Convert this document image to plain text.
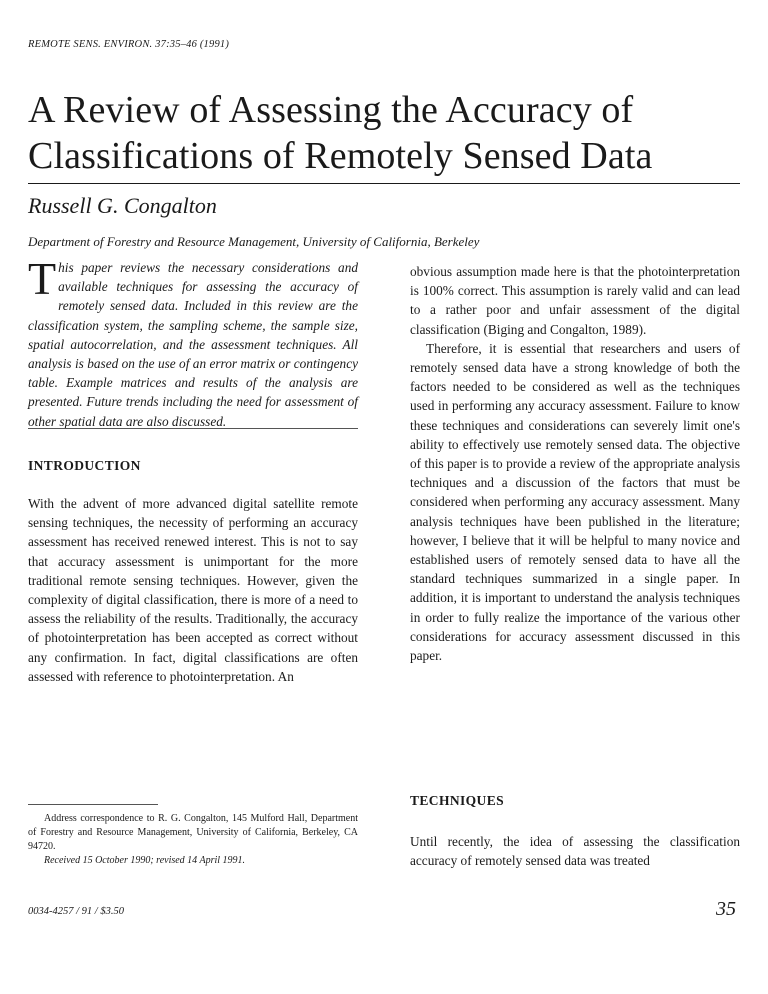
REMOTE SENS. ENVIRON. 37:35–46 (1991)
A Review of Assessing the Accuracy of
Classifications of Remotely Sensed Data
Russell G. Congalton
Department of Forestry and Resource Management, University of California, Berkeley
This paper reviews the necessary considerations and available techniques for assessing the accuracy of remotely sensed data. Included in this review are the classification system, the sampling scheme, the sample size, spatial autocorrelation, and the assessment techniques. All analysis is based on the use of an error matrix or contingency table. Example matrices and results of the analysis are presented. Future trends including the need for assessment of other spatial data are also discussed.
INTRODUCTION

With the advent of more advanced digital satellite remote sensing techniques, the necessity of performing an accuracy assessment has received renewed interest. This is not to say that accuracy assessment is unimportant for the more traditional remote sensing techniques. However, given the complexity of digital classification, there is more of a need to assess the reliability of the results. Traditionally, the accuracy of photointerpretation has been accepted as correct without any confirmation. In fact, digital classifications are often assessed with reference to photointerpretation. An

obvious assumption made here is that the photointerpretation is 100% correct. This assumption is rarely valid and can lead to a rather poor and unfair assessment of the digital classification (Biging and Congalton, 1989).

Therefore, it is essential that researchers and users of remotely sensed data have a strong knowledge of both the factors needed to be considered as well as the techniques used in performing any accuracy assessment. Failure to know these techniques and considerations can severely limit one's ability to effectively use remotely sensed data. The objective of this paper is to provide a review of the appropriate analysis techniques and a discussion of the factors that must be considered when performing any accuracy assessment. Many analysis techniques have been published in the literature; however, I believe that it will be helpful to many novice and established users of remotely sensed data to have all the standard techniques summarized in a single paper. In addition, it is important to understand the analysis techniques in order to fully realize the importance of the various other considerations for accuracy assessment discussed in this paper.

TECHNIQUES

Until recently, the idea of assessing the classification accuracy of remotely sensed data was treated

Address correspondence to R. G. Congalton, 145 Mulford Hall, Department of Forestry and Resource Management, University of California, Berkeley, CA 94720.
Received 15 October 1990; revised 14 April 1991.
0034-4257 / 91 / $3.50	35
